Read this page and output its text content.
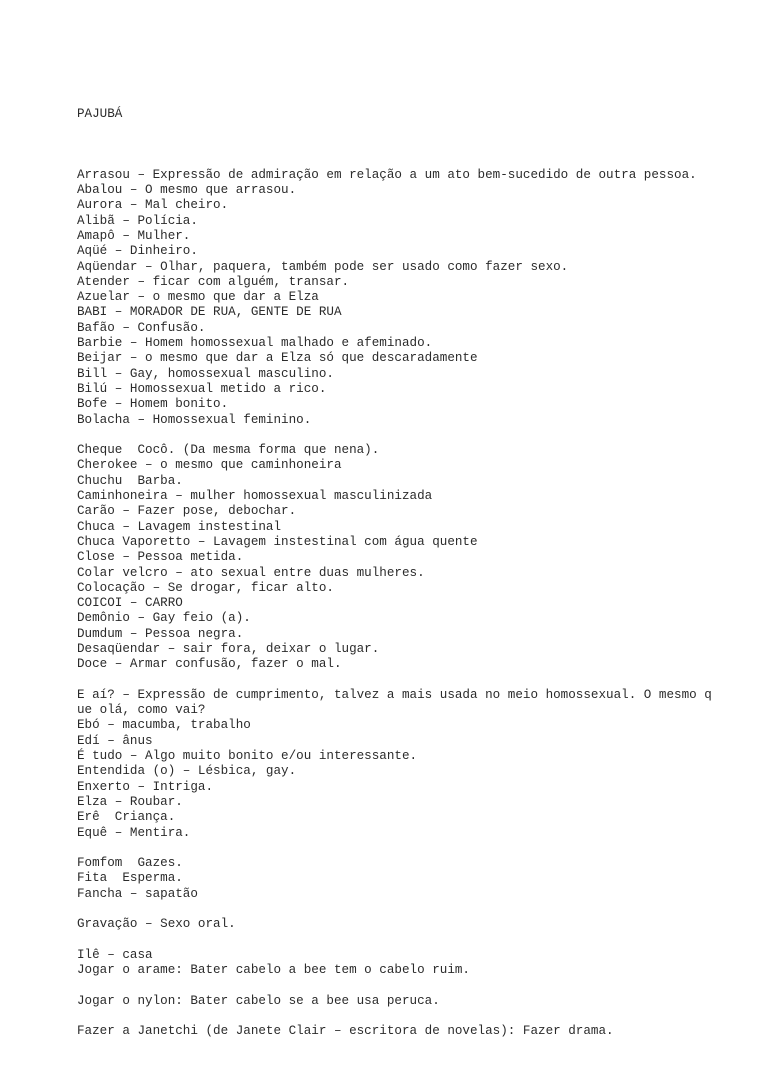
PAJUBÁ

Arrasou – Expressão de admiração em relação a um ato bem-sucedido de outra pessoa.
Abalou – O mesmo que arrasou.
Aurora – Mal cheiro.
Alibã – Polícia.
Amapô – Mulher.
Aqüé – Dinheiro.
Aqüendar – Olhar, paquera, também pode ser usado como fazer sexo.
Atender – ficar com alguém, transar.
Azuelar – o mesmo que dar a Elza
BABI – MORADOR DE RUA, GENTE DE RUA
Bafão – Confusão.
Barbie – Homem homossexual malhado e afeminado.
Beijar – o mesmo que dar a Elza só que descaradamente
Bill – Gay, homossexual masculino.
Bilú – Homossexual metido a rico.
Bofe – Homem bonito.
Bolacha – Homossexual feminino.
Cheque  Cocô. (Da mesma forma que nena).
Cherokee – o mesmo que caminhoneira
Chuchu  Barba.
Caminhoneira – mulher homossexual masculinizada
Carão – Fazer pose, debochar.
Chuca – Lavagem instestinal
Chuca Vaporetto – Lavagem instestinal com água quente
Close – Pessoa metida.
Colar velcro – ato sexual entre duas mulheres.
Colocação – Se drogar, ficar alto.
COICOI – CARRO
Demônio – Gay feio (a).
Dumdum – Pessoa negra.
Desaqüendar – sair fora, deixar o lugar.
Doce – Armar confusão, fazer o mal.
E aí? – Expressão de cumprimento, talvez a mais usada no meio homossexual. O mesmo q
ue olá, como vai?
Ebó – macumba, trabalho
Edí – ânus
É tudo – Algo muito bonito e/ou interessante.
Entendida (o) – Lésbica, gay.
Enxerto – Intriga.
Elza – Roubar.
Erê  Criança.
Equê – Mentira.
Fomfom  Gazes.
Fita  Esperma.
Fancha – sapatão
Gravação – Sexo oral.
Ilê – casa
Jogar o arame: Bater cabelo a bee tem o cabelo ruim.
Jogar o nylon: Bater cabelo se a bee usa peruca.
Fazer a Janetchi (de Janete Clair – escritora de novelas): Fazer drama.
